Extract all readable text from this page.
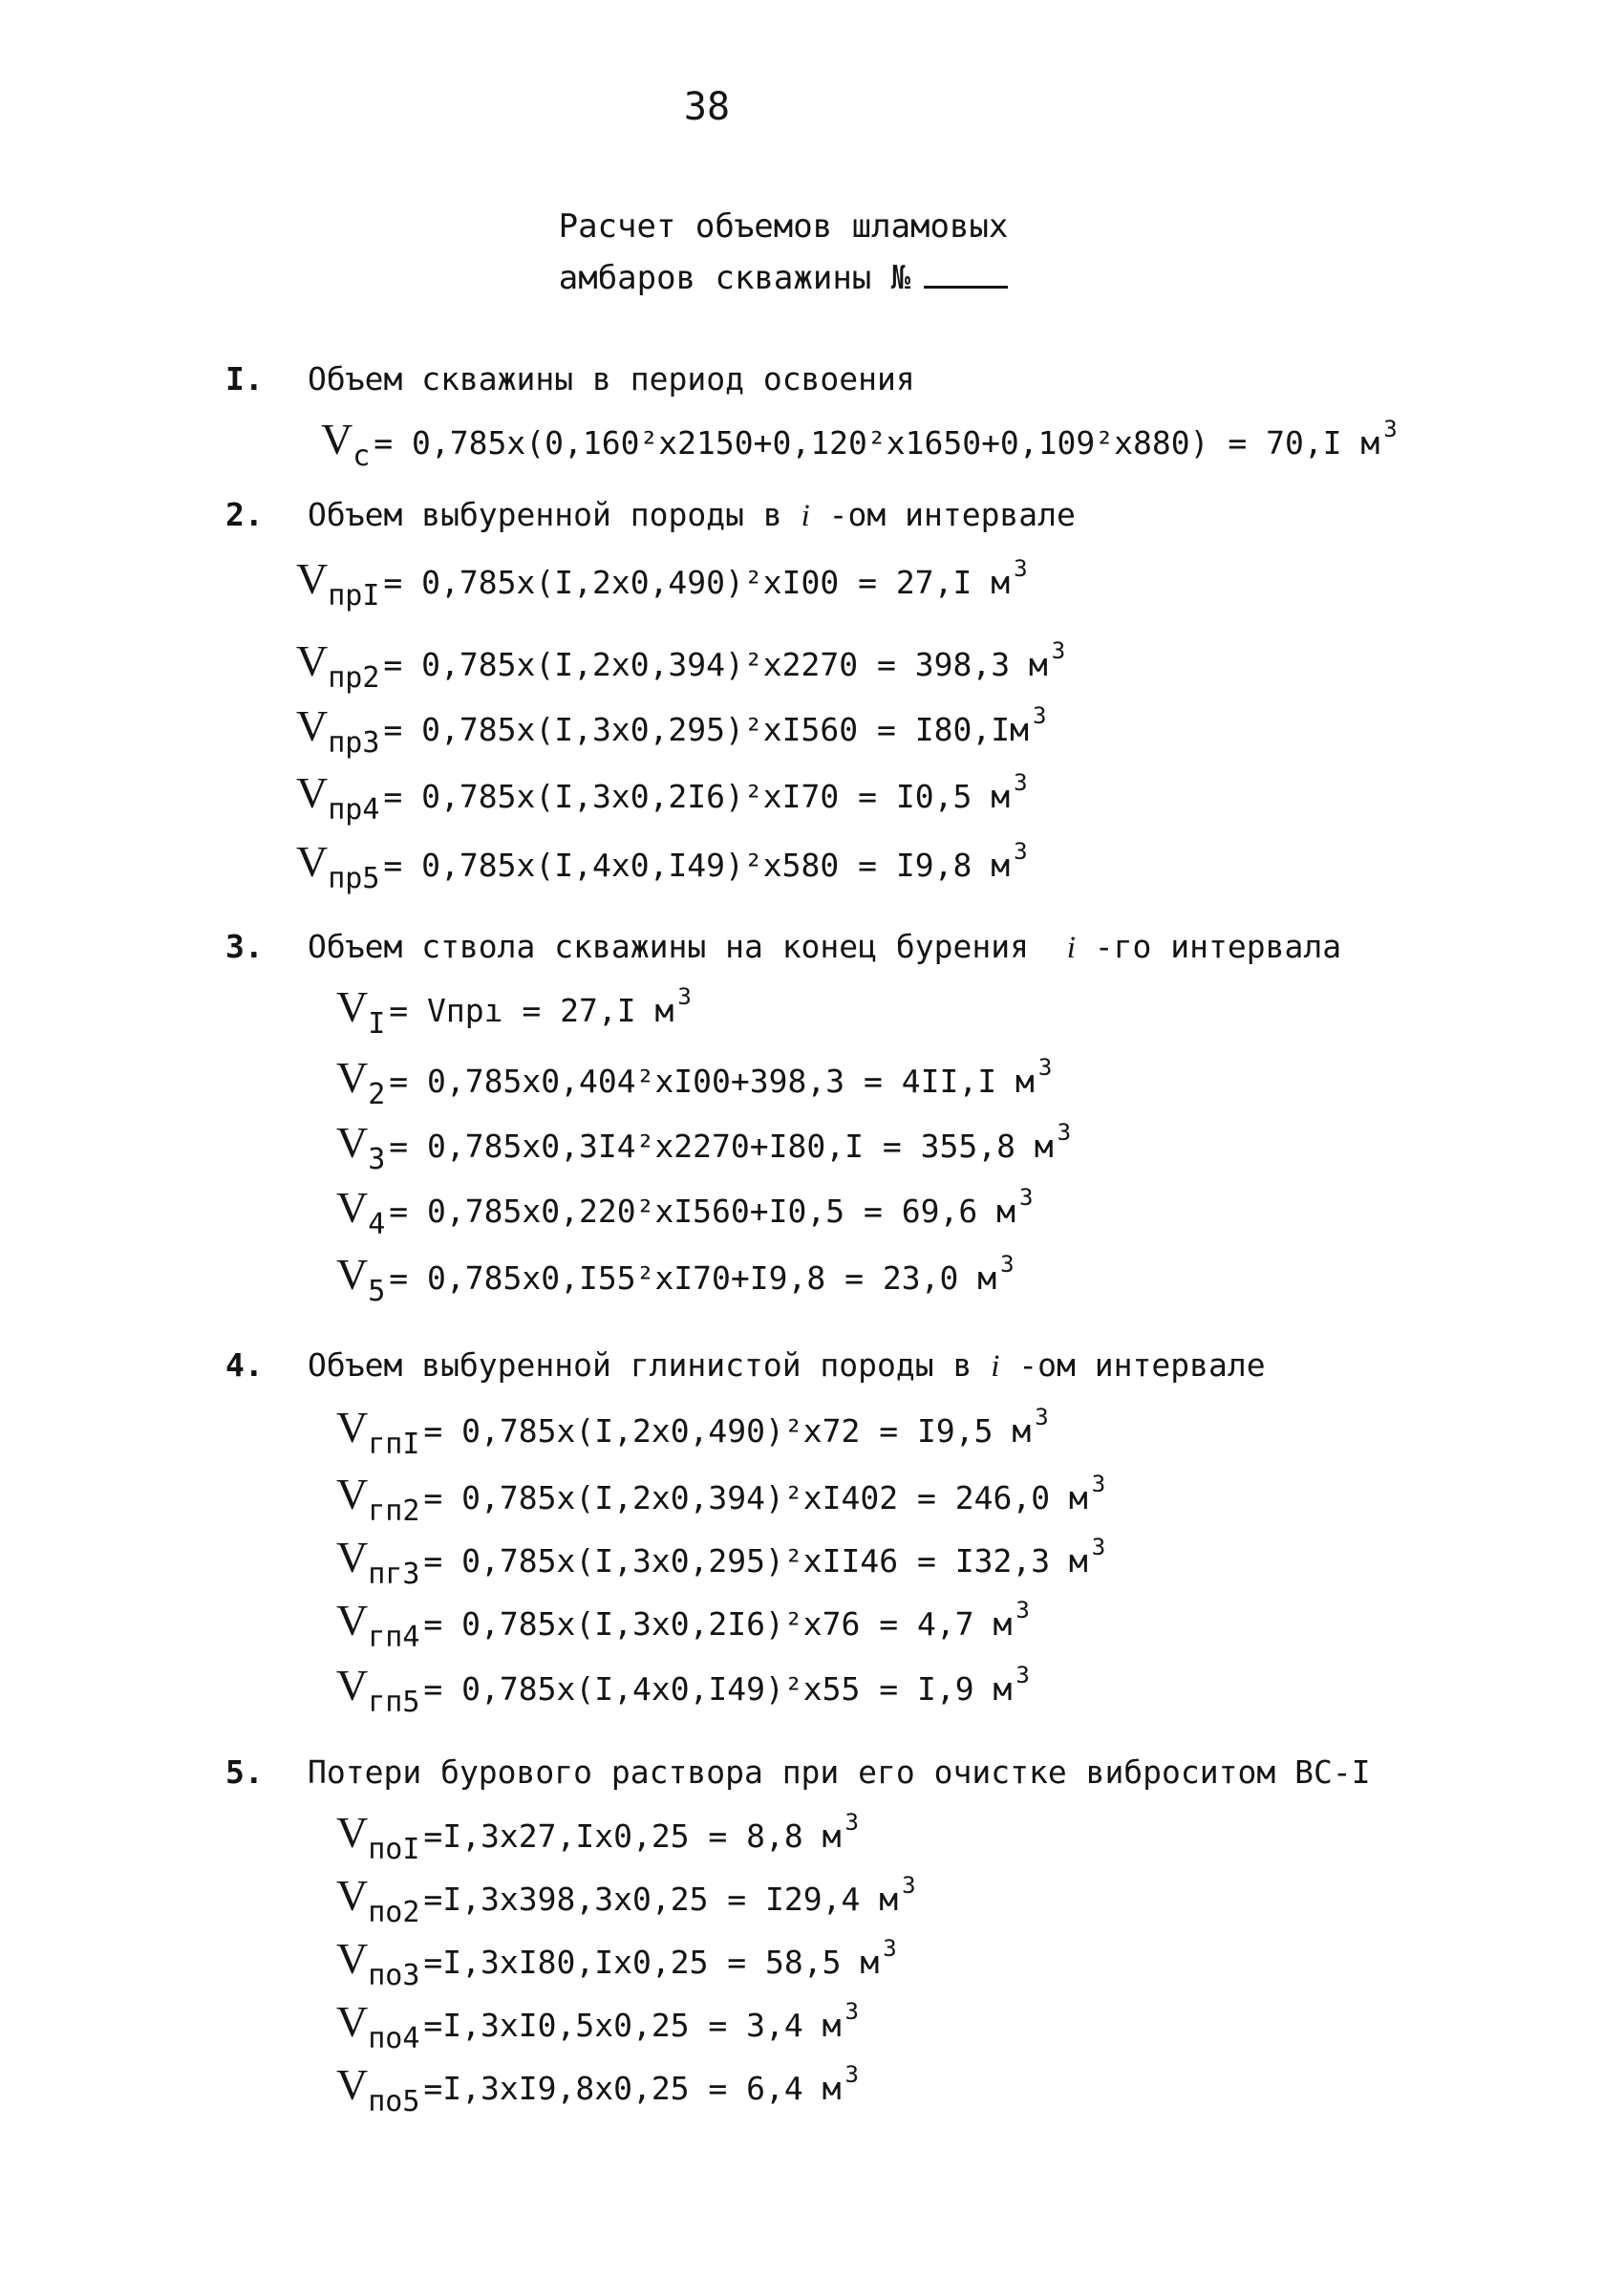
38
Расчет объемов шламовых
амбаров скважины №
I. Объем скважины в период освоения
Vc = 0,785x(0,160²x2150+0,120²x1650+0,109²x880) = 70,I м $^3$
2. Объем выбуренной породы в i -ом интервале
VпрI = 0,785x(I,2x0,490)²xI00 = 27,I м $^3$
Vпр2 = 0,785x(I,2x0,394)²x2270 = 398,3 м $^3$
Vпр3 = 0,785x(I,3x0,295)²xI560 = I80,Iм $^3$
Vпр4 = 0,785x(I,3x0,2I6)²xI70 = I0,5 м $^3$
Vпр5 = 0,785x(I,4x0,I49)²x580 = I9,8 м $^3$
3. Объем ствола скважины на конец бурения i -го интервала
VI = Vпрı = 27,I м $^3$
V2 = 0,785x0,404²xI00+398,3 = 4II,I м $^3$
V3 = 0,785x0,3I4²x2270+I80,I = 355,8 м $^3$
V4 = 0,785x0,220²xI560+I0,5 = 69,6 м $^3$
V5 = 0,785x0,I55²xI70+I9,8 = 23,0 м $^3$
4. Объем выбуренной глинистой породы в i -ом интервале
VгпI = 0,785x(I,2x0,490)²x72 = I9,5 м $^3$
Vгп2 = 0,785x(I,2x0,394)²xI402 = 246,0 м $^3$
Vпг3 = 0,785x(I,3x0,295)²xII46 = I32,3 м $^3$
Vгп4 = 0,785x(I,3x0,2I6)²x76 = 4,7 м $^3$
Vгп5 = 0,785x(I,4x0,I49)²x55 = I,9 м $^3$
5. Потери бурового раствора при его очистке виброситом ВС-I
VпоI =I,3x27,Ix0,25 = 8,8 м $^3$
Vпо2 =I,3x398,3x0,25 = I29,4 м $^3$
Vпо3 =I,3xI80,Ix0,25 = 58,5 м $^3$
Vпо4 =I,3xI0,5x0,25 = 3,4 м $^3$
Vпо5 =I,3xI9,8x0,25 = 6,4 м $^3$
